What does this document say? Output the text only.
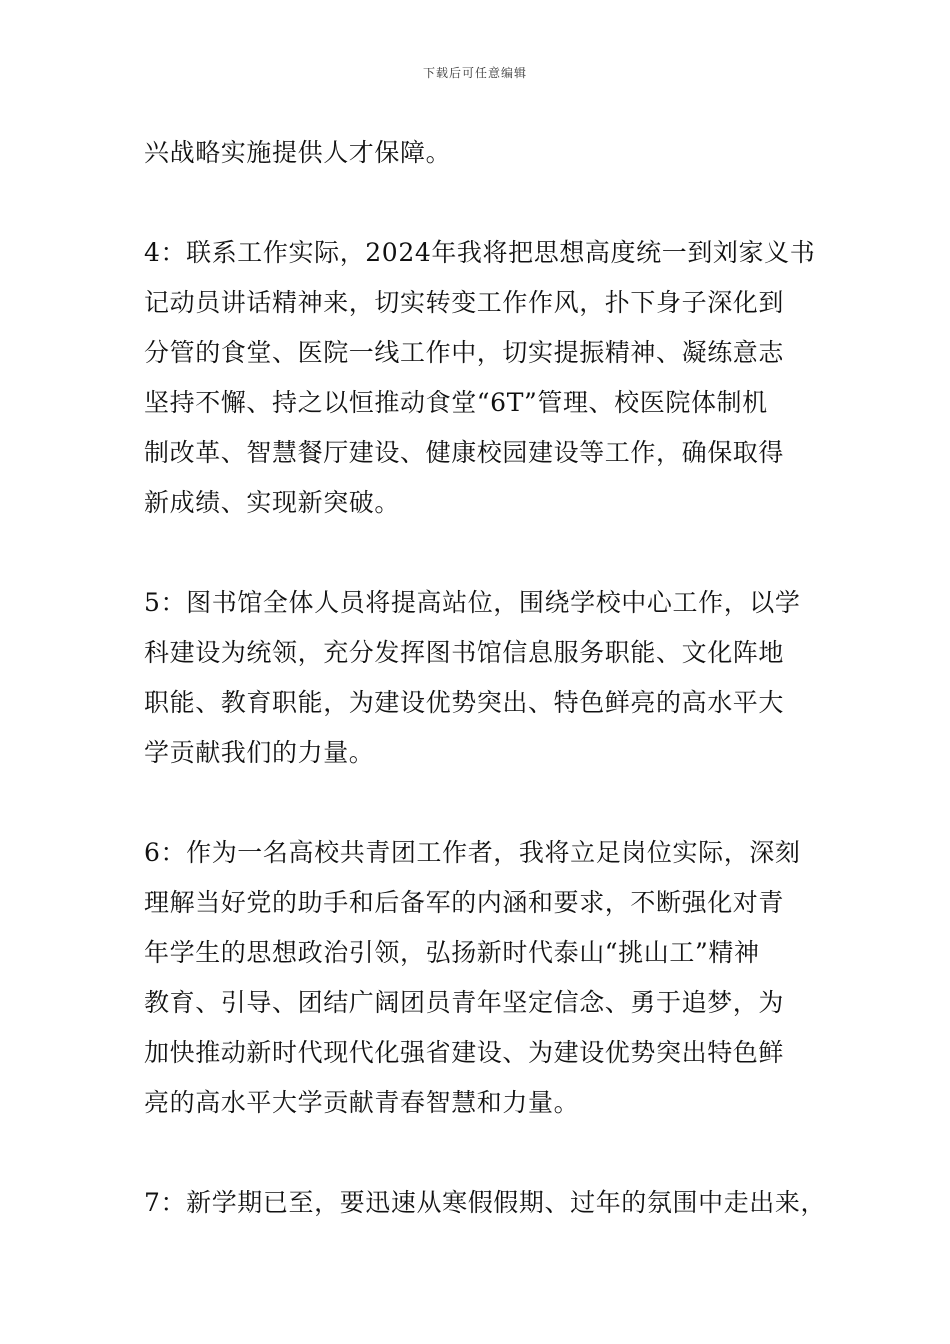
下载后可任意编辑
兴战略实施提供人才保障。
4：联系工作实际，2024年我将把思想高度统一到刘家义书
记动员讲话精神来，切实转变工作作风，扑下身子深化到
分管的食堂、医院一线工作中，切实提振精神、凝练意志
坚持不懈、持之以恒推动食堂“6T”管理、校医院体制机
制改革、智慧餐厅建设、健康校园建设等工作，确保取得
新成绩、实现新突破。
5：图书馆全体人员将提高站位，围绕学校中心工作，以学
科建设为统领，充分发挥图书馆信息服务职能、文化阵地
职能、教育职能，为建设优势突出、特色鲜亮的高水平大
学贡献我们的力量。
6：作为一名高校共青团工作者，我将立足岗位实际，深刻
理解当好党的助手和后备军的内涵和要求，不断强化对青
年学生的思想政治引领，弘扬新时代泰山“挑山工”精神
教育、引导、团结广阔团员青年坚定信念、勇于追梦，为
加快推动新时代现代化强省建设、为建设优势突出特色鲜
亮的高水平大学贡献青春智慧和力量。
7：新学期已至，要迅速从寒假假期、过年的氛围中走出来，
